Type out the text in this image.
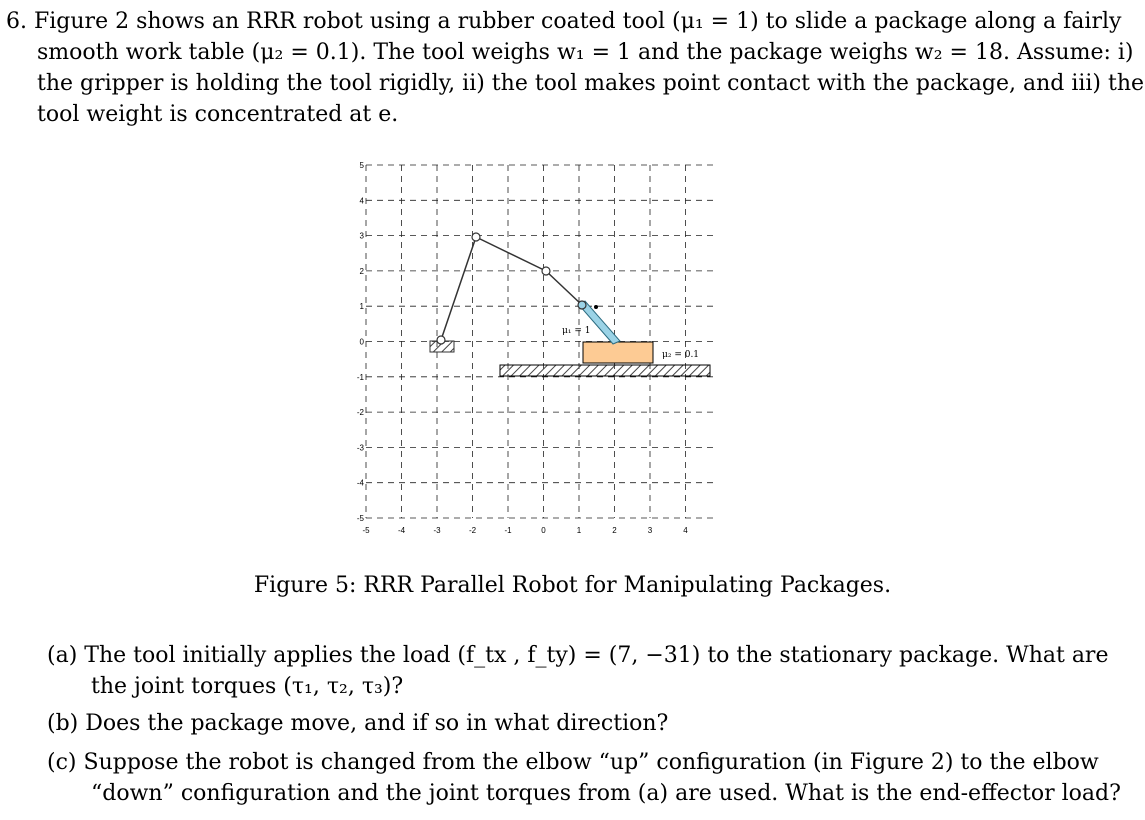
6. Figure 2 shows an RRR robot using a rubber coated tool (μ₁ = 1) to slide a package along a fairly
smooth work table (μ₂ = 0.1). The tool weighs w₁ = 1 and the package weighs w₂ = 18. Assume: i)
the gripper is holding the tool rigidly, ii) the tool makes point contact with the package, and iii) the
tool weight is concentrated at e.
-5	-4	-3	-2	-1	0	1	2	3	4
5
4
3
2
1
0
-1
-2
-3
-4
-5
μ₁ = 1
μ₂ = 0.1
Figure 5: RRR Parallel Robot for Manipulating Packages.
(a) The tool initially applies the load (f_tx , f_ty) = (7, −31) to the stationary package. What are
the joint torques (τ₁, τ₂, τ₃)?
(b) Does the package move, and if so in what direction?
(c) Suppose the robot is changed from the elbow “up” configuration (in Figure 2) to the elbow
“down” configuration and the joint torques from (a) are used. What is the end-effector load?
